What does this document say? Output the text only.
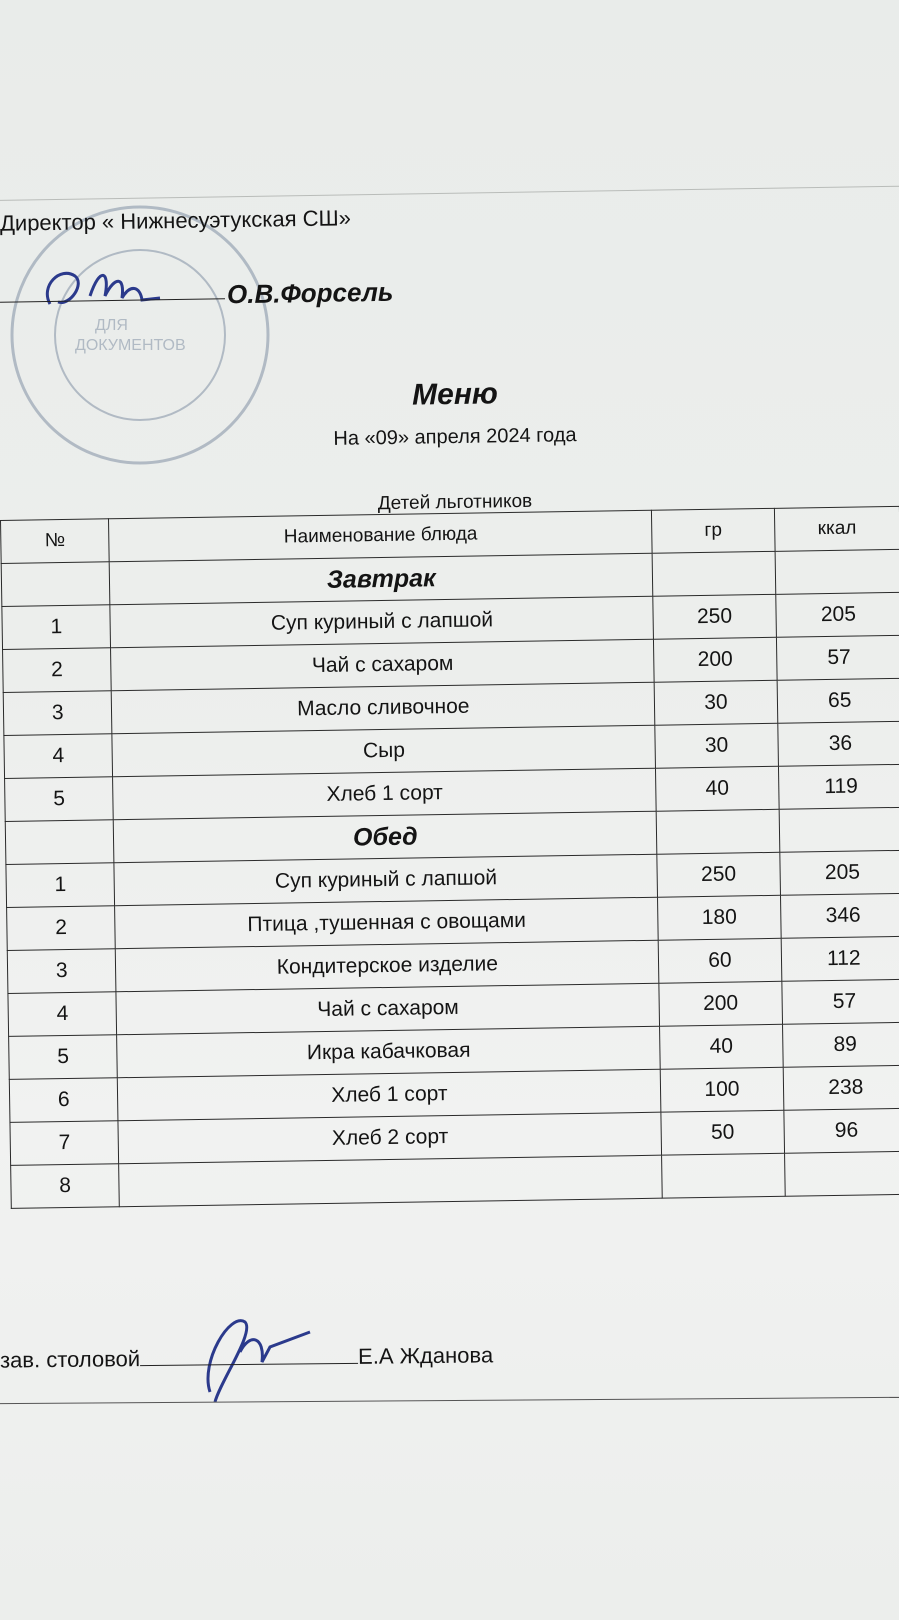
ДЛЯ
ДОКУМЕНТОВ
Директор « Нижнесуэтукская СШ»
О.В.Форсель
Меню
На «09» апреля 2024 года
Детей льготников
№	Наименование блюда	гр	ккал
	Завтрак		
1	Суп куриный с лапшой	250	205
2	Чай с сахаром	200	57
3	Масло сливочное	30	65
4	Сыр	30	36
5	Хлеб 1 сорт	40	119
	Обед		
1	Суп куриный с лапшой	250	205
2	Птица ,тушенная с овощами	180	346
3	Кондитерское изделие	60	112
4	Чай с сахаром	200	57
5	Икра кабачковая	40	89
6	Хлеб 1 сорт	100	238
7	Хлеб 2 сорт	50	96
8			
зав. столовой	Е.А Жданова
